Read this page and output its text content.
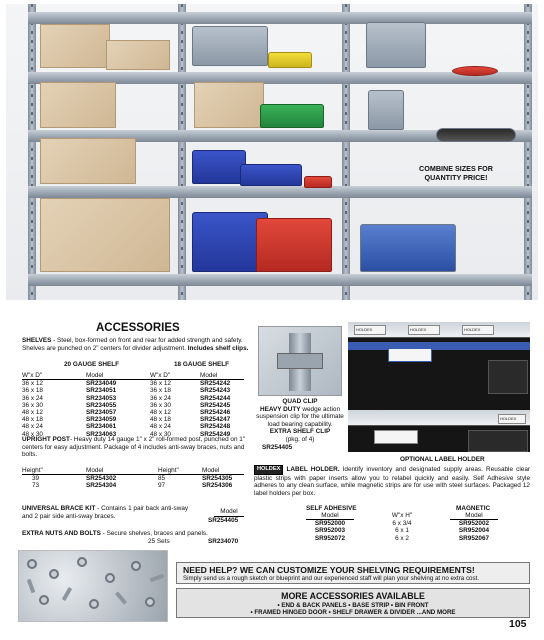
COMBINE SIZES FOR
QUANTITY PRICE!
ACCESSORIES
SHELVES - Steel, box-formed on front and rear for added strength and safety. Shelves are punched on 2" centers for divider adjustment. Includes shelf clips.
20 GAUGE SHELF	18 GAUGE SHELF
W"x D"	Model	W"x D"	Model
36 x 12	SR234049	36 x 12	SR254242
36 x 18	SR234051	36 x 18	SR254243
36 x 24	SR234053	36 x 24	SR254244
36 x 30	SR234055	36 x 30	SR254245
48 x 12	SR234057	48 x 12	SR254246
48 x 18	SR234059	48 x 18	SR254247
48 x 24	SR234061	48 x 24	SR254248
48 x 30	SR234063	48 x 30	SR254249
UPRIGHT POST- Heavy duty 14 gauge 1" x 2" roll-formed post, punched on 1" centers for easy adjustment. Package of 4 includes anti-sway braces, nuts and bolts.
Height"	Model	Height"	Model
39	SR254302	85	SR254305
73	SR254304	97	SR254306
UNIVERSAL BRACE KIT - Contains 1 pair back anti-sway and 2 pair side anti-sway braces.
Model
SR254405
EXTRA NUTS AND BOLTS - Secure shelves, braces and panels.
25 Sets	SR234070
QUAD CLIP
HEAVY DUTY wedge action suspension clip for the ultimate load bearing capability.
EXTRA SHELF CLIP
(pkg. of 4)
SR254405
HOLDEX	HOLDEX	HOLDEX
HOLDEX
OPTIONAL LABEL HOLDER
HOLDEX LABEL HOLDER. Identify inventory and designated supply areas. Reusable clear plastic strips with paper inserts allow you to relabel quickly and easily. Self Adhesive style adheres to any clean surface, while magnetic strips are for use with steel surfaces. Packaged 12 label holders per box.
SELF ADHESIVE	MAGNETIC
Model	W"x H"	Model
SR952000	6 x 3/4	SR952002
SR952003	6 x 1	SR952004
SR952072	6 x 2	SR952067
NEED HELP? WE CAN CUSTOMIZE YOUR SHELVING REQUIREMENTS!
Simply send us a rough sketch or blueprint and our experienced staff will plan your shelving at no extra cost.
MORE ACCESSORIES AVAILABLE
• END & BACK PANELS • BASE STRIP • BIN FRONT
• FRAMED HINGED DOOR • SHELF DRAWER & DIVIDER ...AND MORE
105
